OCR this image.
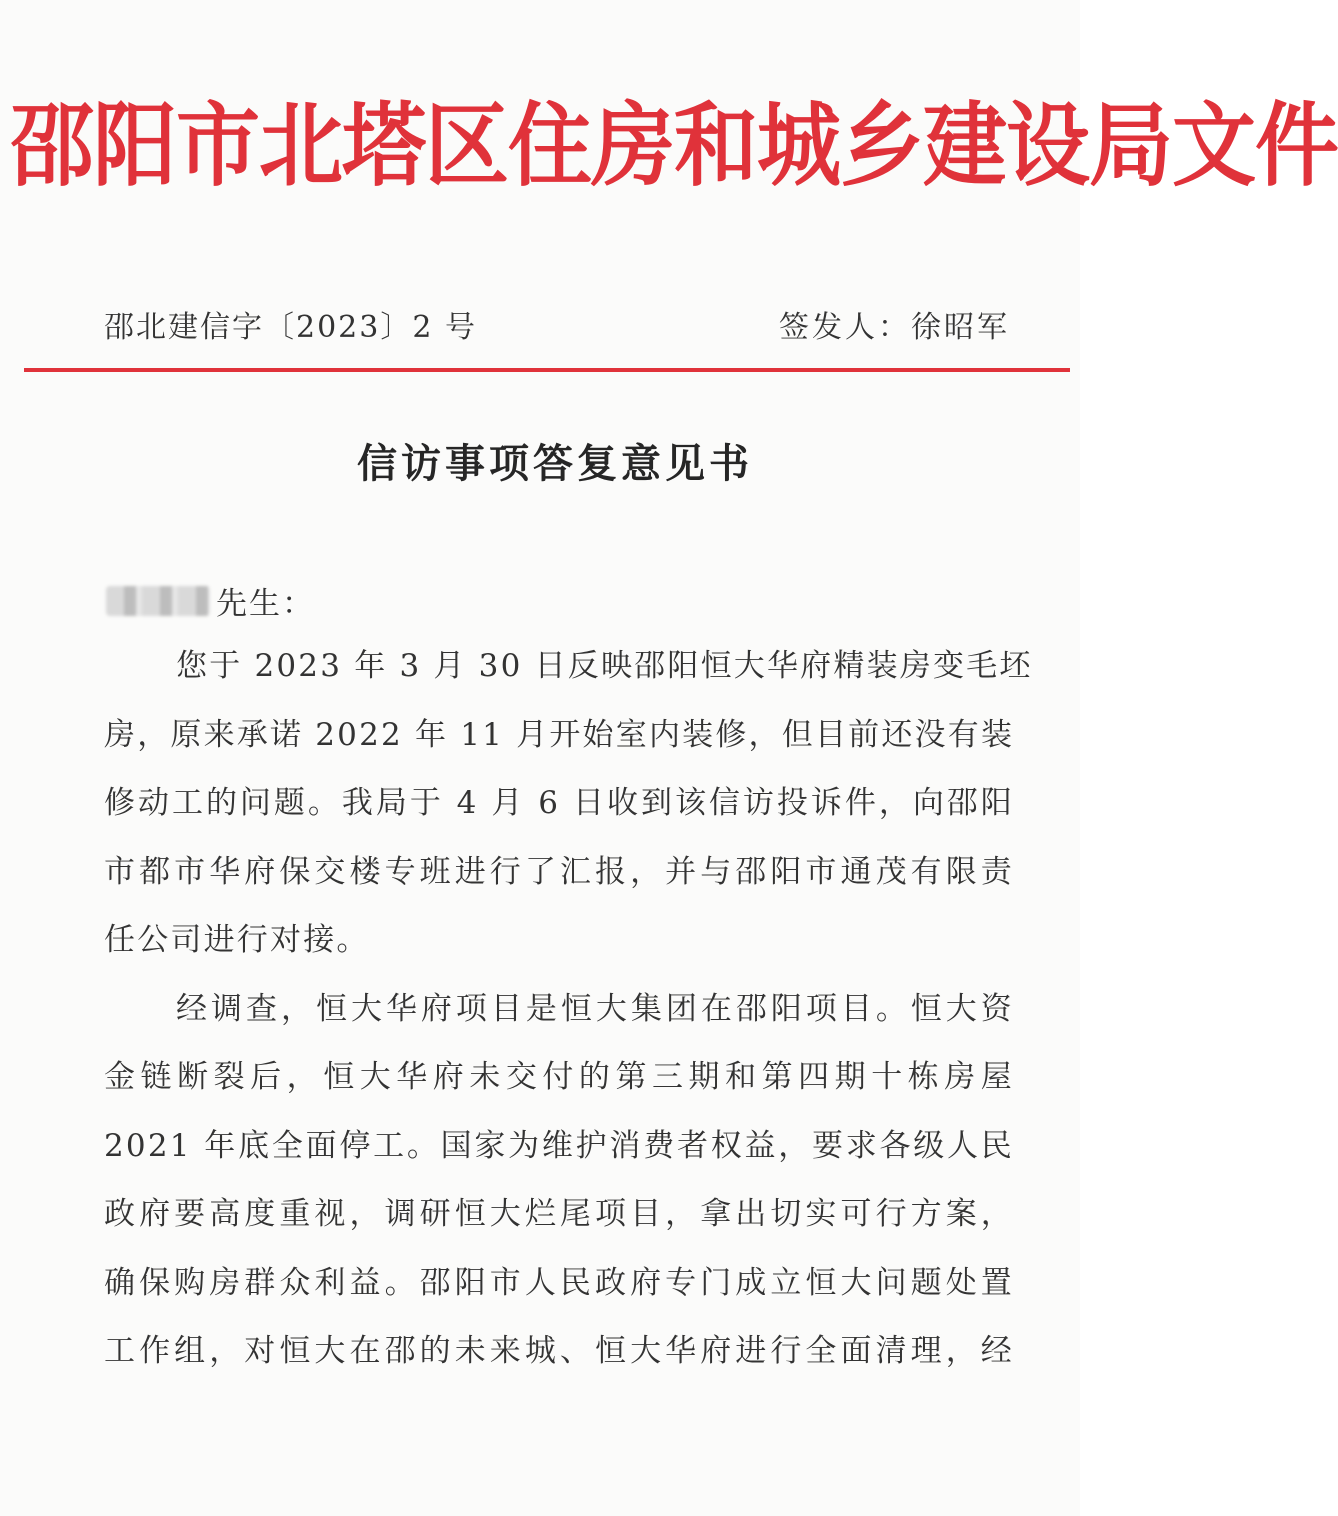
邵阳市北塔区住房和城乡建设局文件
邵北建信字〔2023〕2 号	签发人：徐昭军
信访事项答复意见书
先生：
您于 2023 年 3 月 30 日反映邵阳恒大华府精装房变毛坯
房，原来承诺 2022 年 11 月开始室内装修，但目前还没有装
修动工的问题。我局于 4 月 6 日收到该信访投诉件，向邵阳
市都市华府保交楼专班进行了汇报，并与邵阳市通茂有限责
任公司进行对接。
经调查，恒大华府项目是恒大集团在邵阳项目。恒大资
金链断裂后，恒大华府未交付的第三期和第四期十栋房屋
2021 年底全面停工。国家为维护消费者权益，要求各级人民
政府要高度重视，调研恒大烂尾项目，拿出切实可行方案，
确保购房群众利益。邵阳市人民政府专门成立恒大问题处置
工作组，对恒大在邵的未来城、恒大华府进行全面清理，经
